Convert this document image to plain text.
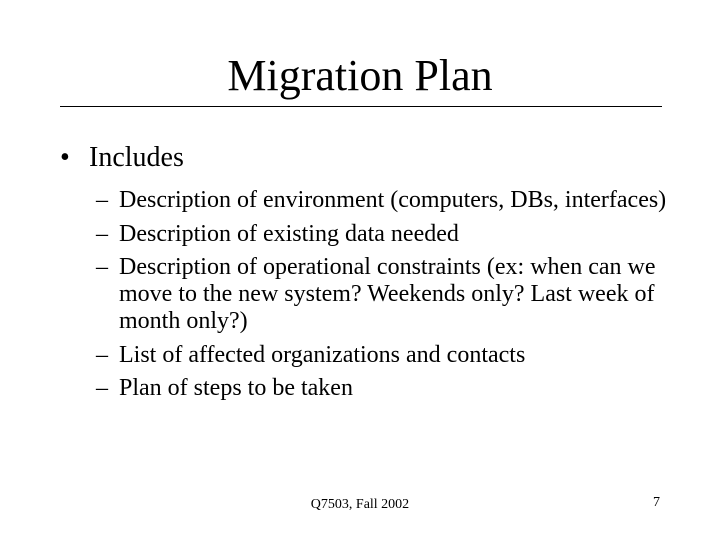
Migration Plan
• Includes
– Description of environment (computers, DBs, interfaces)
– Description of existing data needed
– Description of operational constraints (ex: when can we move to the new system? Weekends only? Last week of month only?)
– List of affected organizations and contacts
– Plan of steps to be taken
Q7503, Fall 2002	7
